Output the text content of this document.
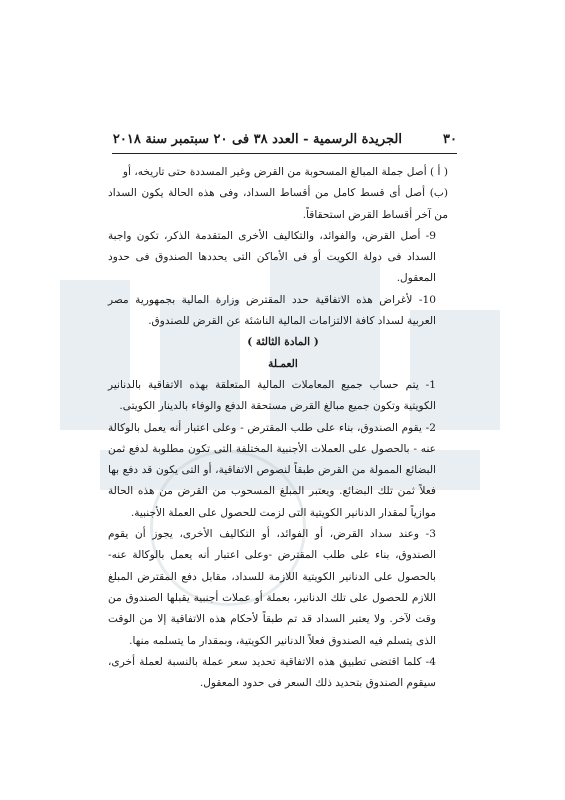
٣٠
الجريدة الرسمية - العدد ٣٨ فى ٢٠ سبتمبر سنة ٢٠١٨

( أ ) أصل جملة المبالغ المسحوبة من القرض وغير المسددة حتى تاريخه، أو

(ب) أصل أى قسط كامل من أقساط السداد، وفى هذه الحالة يكون السداد من آخر أقساط القرض استحقاقاً.

9- أصل القرض، والفوائد، والتكاليف الأخرى المتقدمة الذكر، تكون واجبة السداد فى دولة الكويت أو فى الأماكن التى يحددها الصندوق فى حدود المعقول.

10- لأغراض هذه الاتفاقية حدد المقترض وزارة المالية بجمهورية مصر العربية لسداد كافة الالتزامات المالية الناشئة عن القرض للصندوق.

( المادة الثالثة )

العمـلة

1- يتم حساب جميع المعاملات المالية المتعلقة بهذه الاتفاقية بالدنانير الكويتية وتكون جميع مبالغ القرض مستحقة الدفع والوفاء بالدينار الكويتى.

2- يقوم الصندوق، بناء على طلب المقترض - وعلى اعتبار أنه يعمل بالوكالة عنه - بالحصول على العملات الأجنبية المختلفة التى تكون مطلوبة لدفع ثمن البضائع الممولة من القرض طبقاً لنصوص الاتفاقية، أو التى يكون قد دفع بها فعلاً ثمن تلك البضائع. ويعتبر المبلغ المسحوب من القرض من هذه الحالة موازياً لمقدار الدنانير الكويتية التى لزمت للحصول على العملة الأجنبية.

3- وعند سداد القرض، أو الفوائد، أو التكاليف الأخرى، يجوز أن يقوم الصندوق، بناء على طلب المقترض -وعلى اعتبار أنه يعمل بالوكالة عنه- بالحصول على الدنانير الكويتية اللازمة للسداد، مقابل دفع المقترض المبلغ اللازم للحصول على تلك الدنانير، بعملة أو عملات أجنبية يقبلها الصندوق من وقت لآخر. ولا يعتبر السداد قد تم طبقاً لأحكام هذه الاتفاقية إلا من الوقت الذى يتسلم فيه الصندوق فعلاً الدنانير الكويتية، وبمقدار ما يتسلمه منها.

4- كلما اقتضى تطبيق هذه الاتفاقية تحديد سعر عملة بالنسبة لعملة أخرى، سيقوم الصندوق بتحديد ذلك السعر فى حدود المعقول.
